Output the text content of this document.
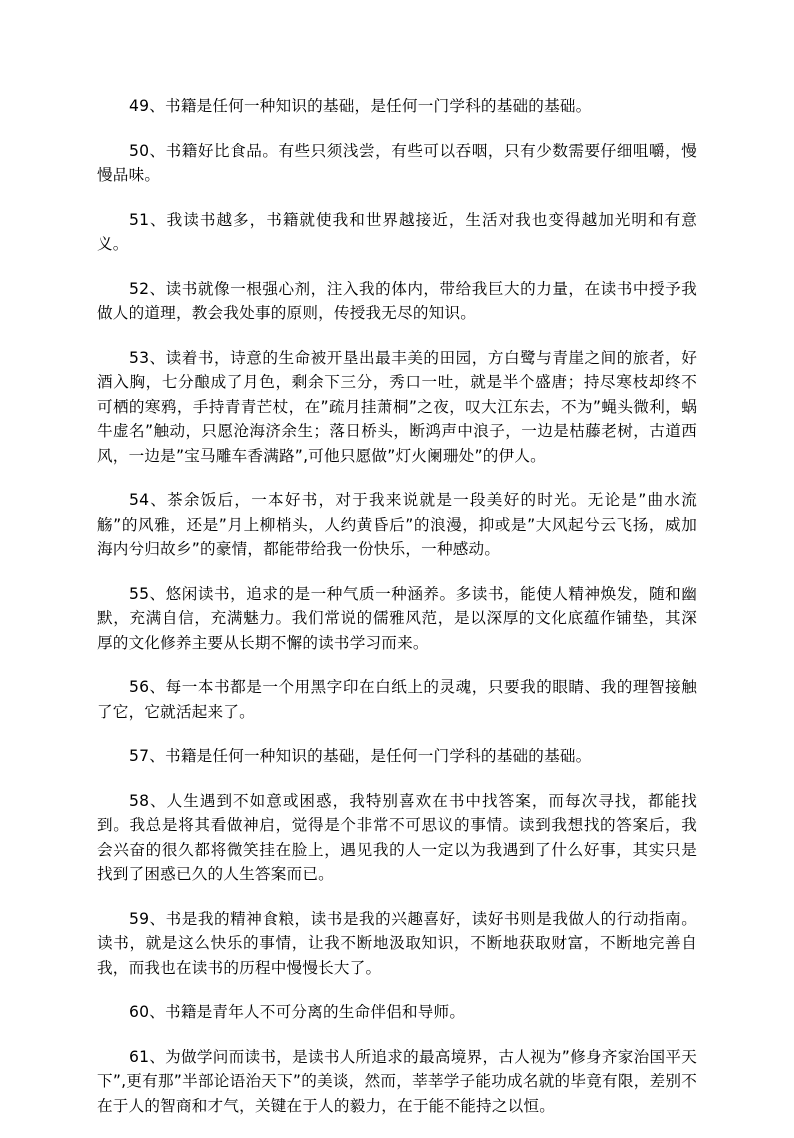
49、书籍是任何一种知识的基础，是任何一门学科的基础的基础。

50、书籍好比食品。有些只须浅尝，有些可以吞咽，只有少数需要仔细咀嚼，慢慢品味。

51、我读书越多，书籍就使我和世界越接近，生活对我也变得越加光明和有意义。

52、读书就像一根强心剂，注入我的体内，带给我巨大的力量，在读书中授予我做人的道理，教会我处事的原则，传授我无尽的知识。

53、读着书，诗意的生命被开垦出最丰美的田园，方白鹭与青崖之间的旅者，好酒入胸，七分酿成了月色，剩余下三分，秀口一吐，就是半个盛唐；持尽寒枝却终不可栖的寒鸦，手持青青芒杖，在”疏月挂萧桐”之夜，叹大江东去，不为”蝇头微利，蜗牛虚名”触动，只愿沧海济余生；落日桥头，断鸿声中浪子，一边是枯藤老树，古道西风，一边是”宝马雕车香满路”,可他只愿做”灯火阑珊处”的伊人。

54、茶余饭后，一本好书，对于我来说就是一段美好的时光。无论是”曲水流觞”的风雅，还是”月上柳梢头，人约黄昏后”的浪漫，抑或是”大风起兮云飞扬，威加海内兮归故乡”的豪情，都能带给我一份快乐，一种感动。

55、悠闲读书，追求的是一种气质一种涵养。多读书，能使人精神焕发，随和幽默，充满自信，充满魅力。我们常说的儒雅风范，是以深厚的文化底蕴作铺垫，其深厚的文化修养主要从长期不懈的读书学习而来。

56、每一本书都是一个用黑字印在白纸上的灵魂，只要我的眼睛、我的理智接触了它，它就活起来了。

57、书籍是任何一种知识的基础，是任何一门学科的基础的基础。

58、人生遇到不如意或困惑，我特别喜欢在书中找答案，而每次寻找，都能找到。我总是将其看做神启，觉得是个非常不可思议的事情。读到我想找的答案后，我会兴奋的很久都将微笑挂在脸上，遇见我的人一定以为我遇到了什么好事，其实只是找到了困惑已久的人生答案而已。

59、书是我的精神食粮，读书是我的兴趣喜好，读好书则是我做人的行动指南。读书，就是这么快乐的事情，让我不断地汲取知识，不断地获取财富，不断地完善自我，而我也在读书的历程中慢慢长大了。

60、书籍是青年人不可分离的生命伴侣和导师。

61、为做学问而读书，是读书人所追求的最高境界，古人视为”修身齐家治国平天下”,更有那”半部论语治天下”的美谈，然而，莘莘学子能功成名就的毕竟有限，差别不在于人的智商和才气，关键在于人的毅力，在于能不能持之以恒。
